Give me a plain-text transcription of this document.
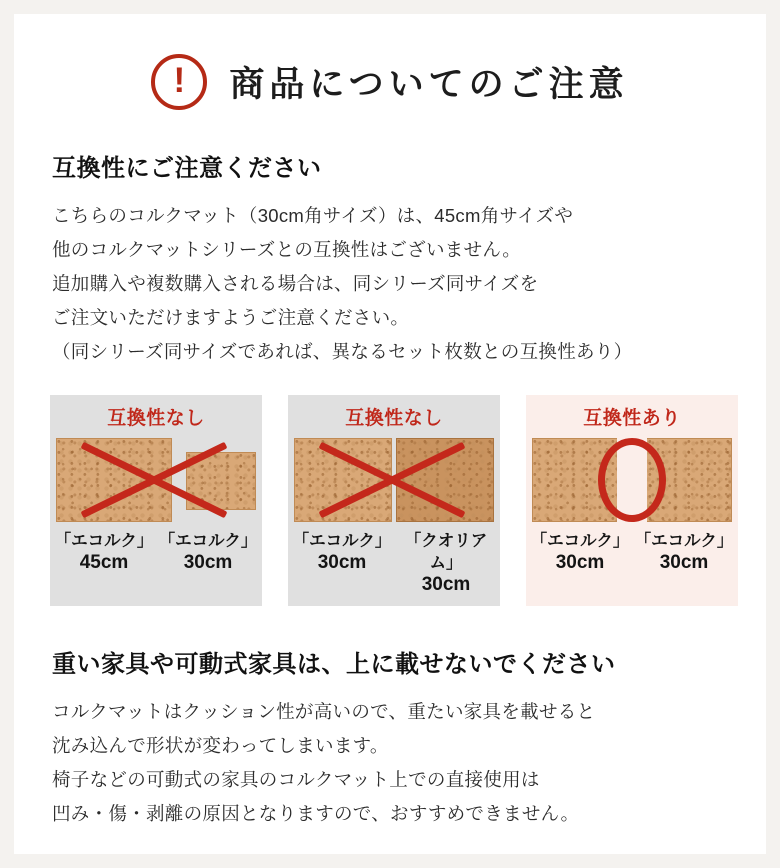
! 商品についてのご注意
互換性にご注意ください
こちらのコルクマット（30cm角サイズ）は、45cm角サイズや
他のコルクマットシリーズとの互換性はございません。
追加購入や複数購入される場合は、同シリーズ同サイズを
ご注文いただけますようご注意ください。
（同シリーズ同サイズであれば、異なるセット枚数との互換性あり）
互換性なし
「エコルク」
45cm
「エコルク」
30cm
互換性なし
「エコルク」
30cm
「クオリアム」
30cm
互換性あり
「エコルク」
30cm
「エコルク」
30cm
重い家具や可動式家具は、上に載せないでください
コルクマットはクッション性が高いので、重たい家具を載せると
沈み込んで形状が変わってしまいます。
椅子などの可動式の家具のコルクマット上での直接使用は
凹み・傷・剥離の原因となりますので、おすすめできません。
